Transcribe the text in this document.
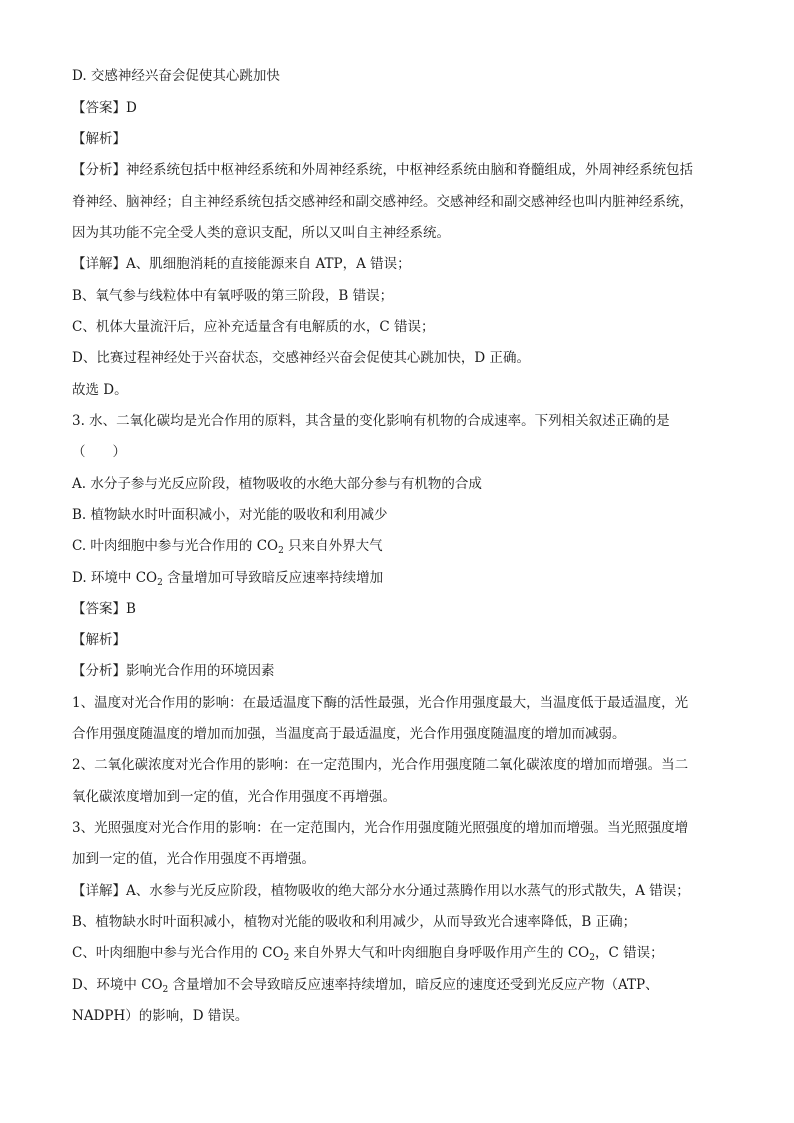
D. 交感神经兴奋会促使其心跳加快

【答案】D

【解析】

【分析】神经系统包括中枢神经系统和外周神经系统，中枢神经系统由脑和脊髓组成，外周神经系统包括

脊神经、脑神经；自主神经系统包括交感神经和副交感神经。交感神经和副交感神经也叫内脏神经系统，

因为其功能不完全受人类的意识支配，所以又叫自主神经系统。

【详解】A、肌细胞消耗的直接能源来自 ATP，A 错误；

B、氧气参与线粒体中有氧呼吸的第三阶段，B 错误；

C、机体大量流汗后，应补充适量含有电解质的水，C 错误；

D、比赛过程神经处于兴奋状态，交感神经兴奋会促使其心跳加快，D 正确。

故选 D。

3. 水、二氧化碳均是光合作用的原料，其含量的变化影响有机物的合成速率。下列相关叙述正确的是

（　　）

A. 水分子参与光反应阶段，植物吸收的水绝大部分参与有机物的合成

B. 植物缺水时叶面积减小，对光能的吸收和利用减少

C. 叶肉细胞中参与光合作用的 $CO_2$ 只来自外界大气

D. 环境中 $CO_2$ 含量增加可导致暗反应速率持续增加

【答案】B

【解析】

【分析】影响光合作用的环境因素

1、温度对光合作用的影响：在最适温度下酶的活性最强，光合作用强度最大，当温度低于最适温度，光

合作用强度随温度的增加而加强，当温度高于最适温度，光合作用强度随温度的增加而减弱。

2、二氧化碳浓度对光合作用的影响：在一定范围内，光合作用强度随二氧化碳浓度的增加而增强。当二

氧化碳浓度增加到一定的值，光合作用强度不再增强。

3、光照强度对光合作用的影响：在一定范围内，光合作用强度随光照强度的增加而增强。当光照强度增

加到一定的值，光合作用强度不再增强。

【详解】A、水参与光反应阶段，植物吸收的绝大部分水分通过蒸腾作用以水蒸气的形式散失，A 错误；

B、植物缺水时叶面积减小，植物对光能的吸收和利用减少，从而导致光合速率降低，B 正确；

C、叶肉细胞中参与光合作用的 $CO_2$ 来自外界大气和叶肉细胞自身呼吸作用产生的 $CO_2$，C 错误；

D、环境中 $CO_2$ 含量增加不会导致暗反应速率持续增加，暗反应的速度还受到光反应产物（ATP、

NADPH）的影响，D 错误。
